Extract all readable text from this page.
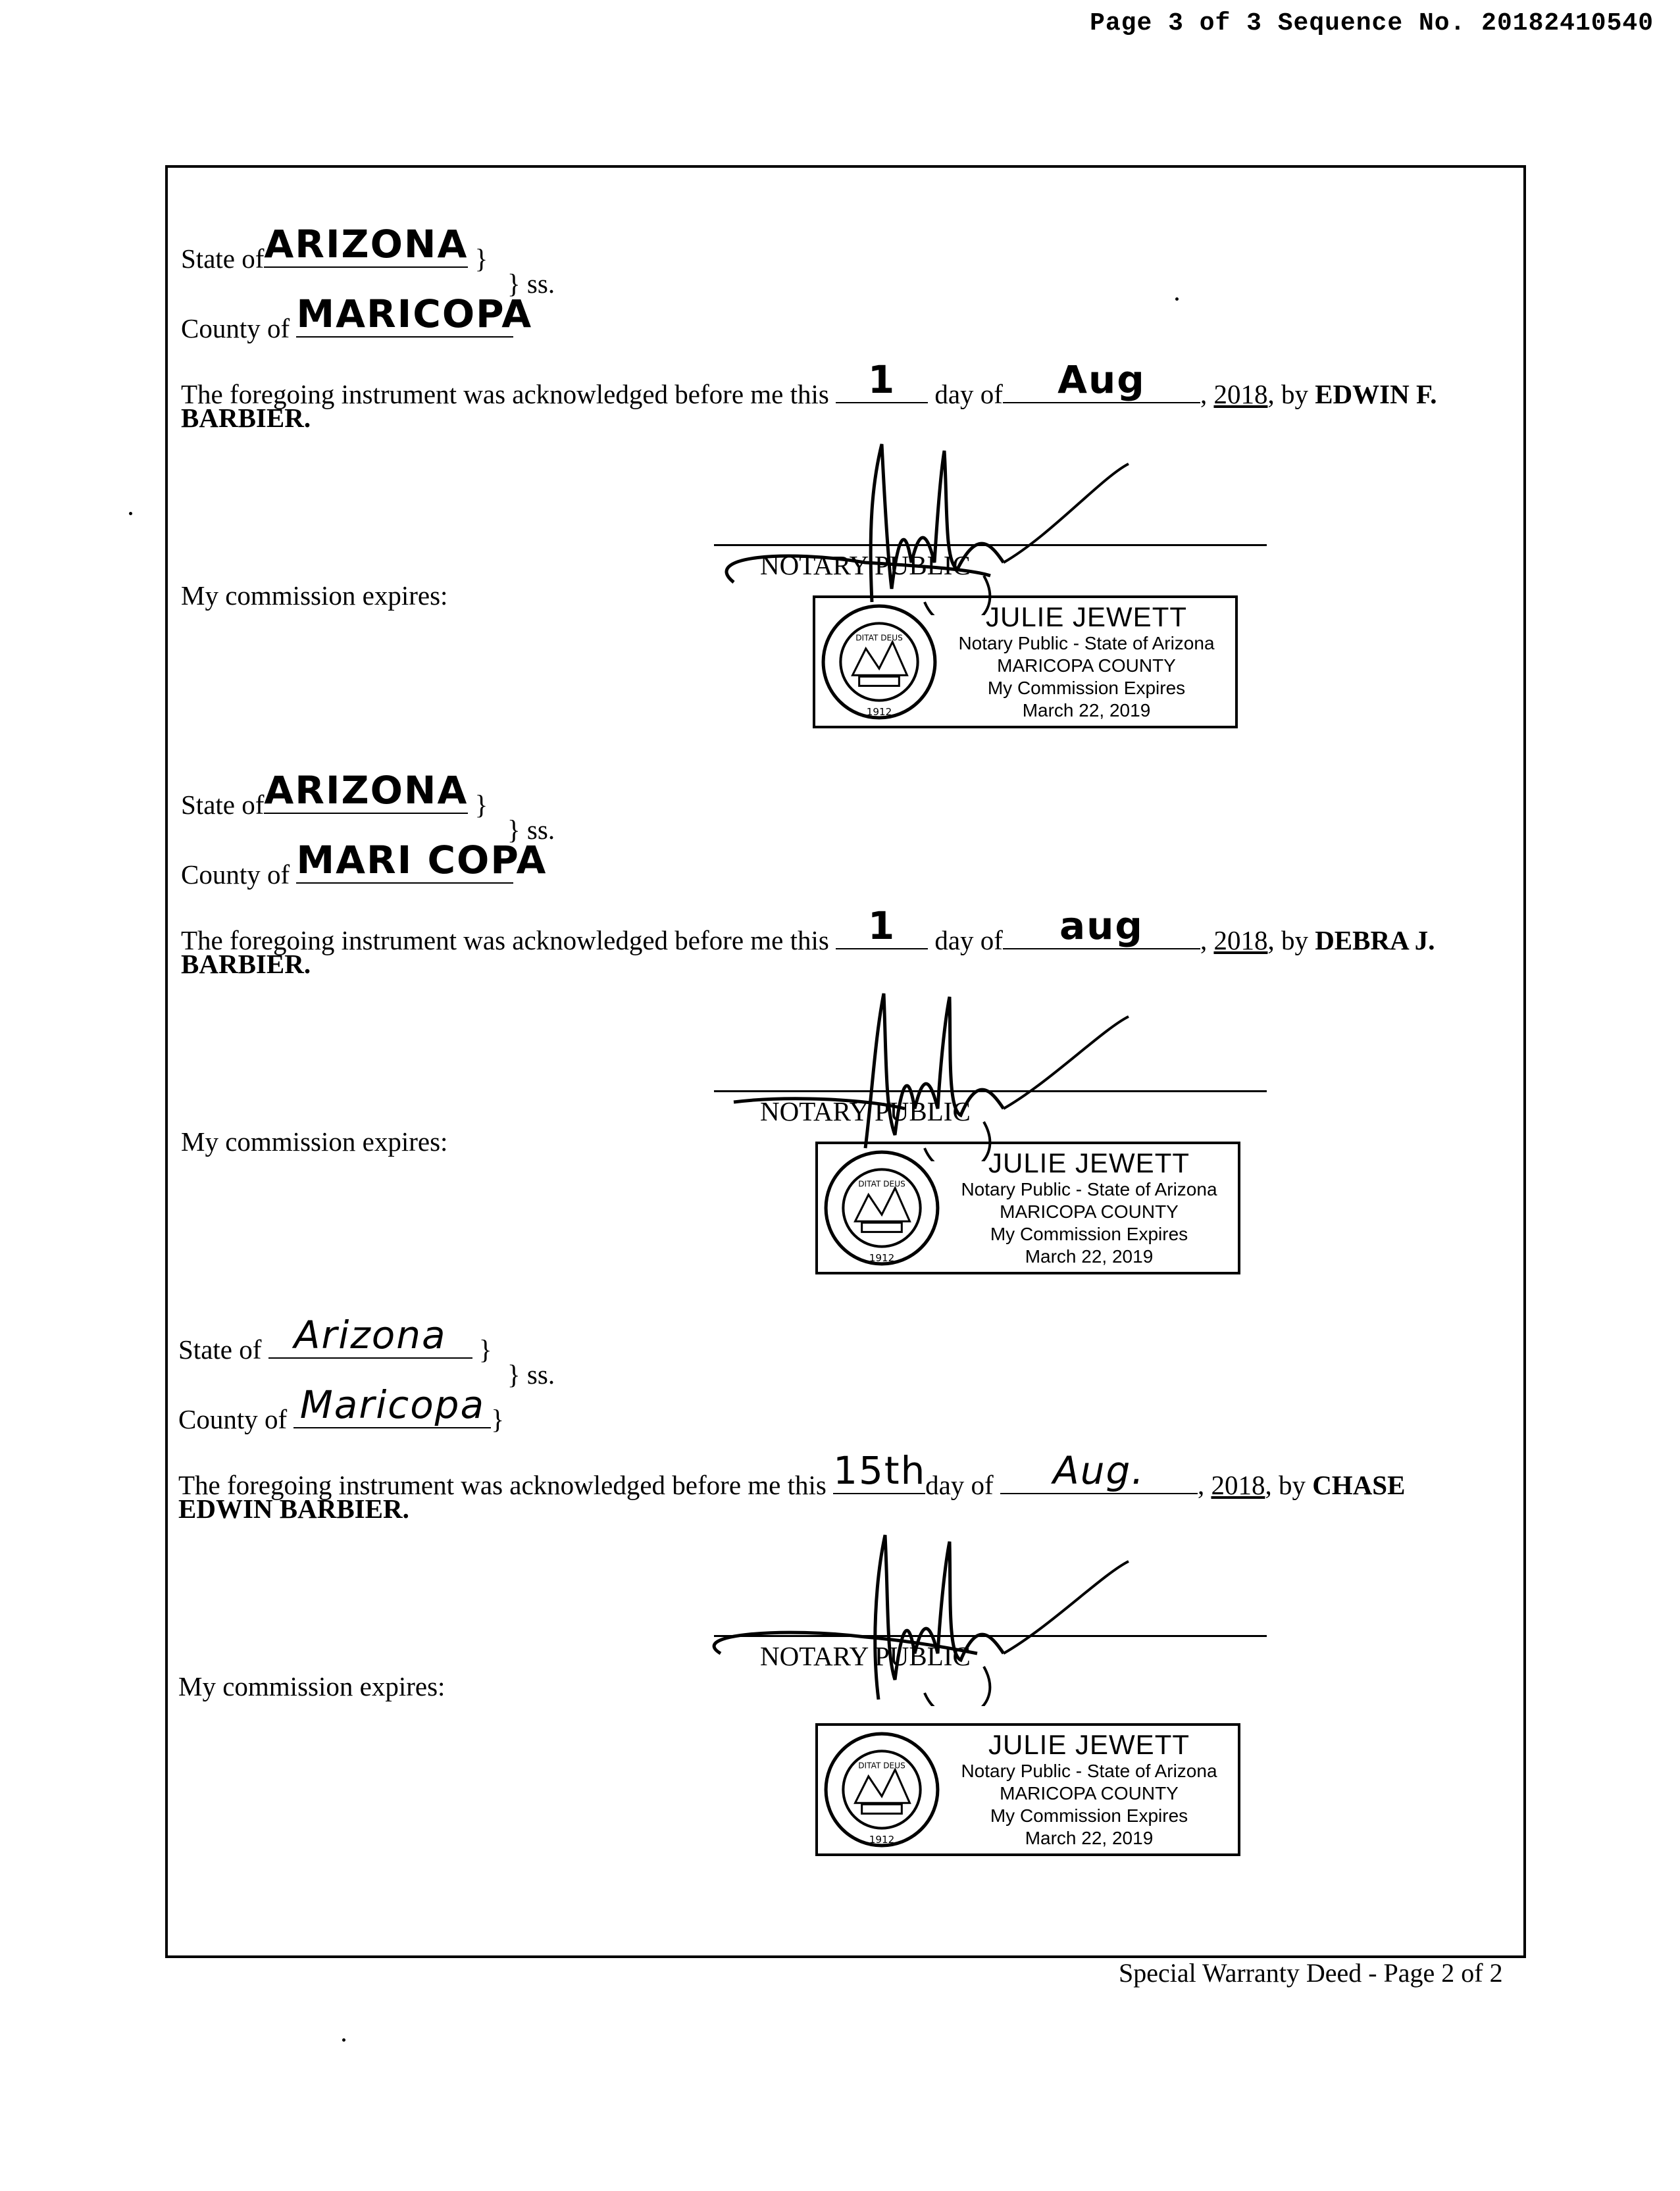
Page 3 of 3 Sequence No. 20182410540
State of ARIZONA }
} ss.
County of MARICOPA
The foregoing instrument was acknowledged before me this	1	day of	Aug	, 2018, by EDWIN F.
BARBIER.
NOTARY PUBLIC
My commission expires:
DITAT DEUS
1912
JULIE JEWETT
Notary Public - State of Arizona
MARICOPA COUNTY
My Commission Expires
March 22, 2019
State of ARIZONA }
} ss.
County of MARI COPA
The foregoing instrument was acknowledged before me this	1	day of	aug	, 2018, by DEBRA J.
BARBIER.
NOTARY PUBLIC
My commission expires:
DITAT DEUS
1912
JULIE JEWETT
Notary Public - State of Arizona
MARICOPA COUNTY
My Commission Expires
March 22, 2019
State of Arizona	}
} ss.
County of Maricopa }
The foregoing instrument was acknowledged before me this 15th
day of	Aug.	, 2018, by CHASE
EDWIN BARBIER.
NOTARY PUBLIC
My commission expires:
DITAT DEUS
1912
JULIE JEWETT
Notary Public - State of Arizona
MARICOPA COUNTY
My Commission Expires
March 22, 2019
Special Warranty Deed - Page 2 of 2
